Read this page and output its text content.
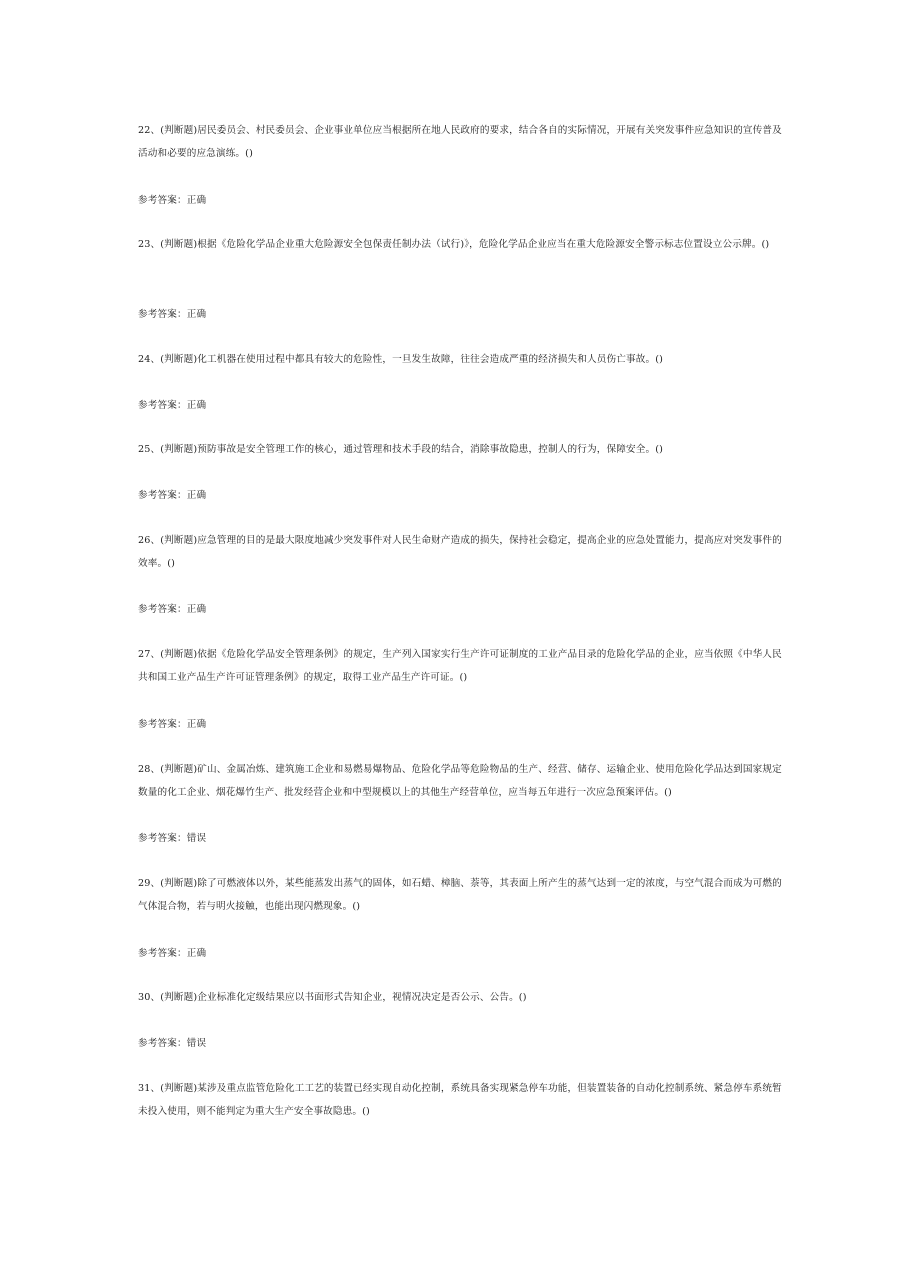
22、(判断题)居民委员会、村民委员会、企业事业单位应当根据所在地人民政府的要求，结合各自的实际情况，开展有关突发事件应急知识的宣传普及活动和必要的应急演练。()
参考答案：正确
23、(判断题)根据《危险化学品企业重大危险源安全包保责任制办法（试行)》，危险化学品企业应当在重大危险源安全警示标志位置设立公示牌。()
参考答案：正确
24、(判断题)化工机器在使用过程中都具有较大的危险性，一旦发生故障，往往会造成严重的经济损失和人员伤亡事故。()
参考答案：正确
25、(判断题)预防事故是安全管理工作的核心，通过管理和技术手段的结合，消除事故隐患，控制人的行为，保障安全。()
参考答案：正确
26、(判断题)应急管理的目的是最大限度地减少突发事件对人民生命财产造成的损失，保持社会稳定，提高企业的应急处置能力，提高应对突发事件的效率。()
参考答案：正确
27、(判断题)依据《危险化学品安全管理条例》的规定，生产列入国家实行生产许可证制度的工业产品目录的危险化学品的企业，应当依照《中华人民共和国工业产品生产许可证管理条例》的规定，取得工业产品生产许可证。()
参考答案：正确
28、(判断题)矿山、金属冶炼、建筑施工企业和易燃易爆物品、危险化学品等危险物品的生产、经营、储存、运输企业、使用危险化学品达到国家规定数量的化工企业、烟花爆竹生产、批发经营企业和中型规模以上的其他生产经营单位，应当每五年进行一次应急预案评估。()
参考答案：错误
29、(判断题)除了可燃液体以外，某些能蒸发出蒸气的固体，如石蜡、樟脑、萘等，其表面上所产生的蒸气达到一定的浓度，与空气混合而成为可燃的气体混合物，若与明火接触，也能出现闪燃现象。()
参考答案：正确
30、(判断题)企业标准化定级结果应以书面形式告知企业，视情况决定是否公示、公告。()
参考答案：错误
31、(判断题)某涉及重点监管危险化工工艺的装置已经实现自动化控制，系统具备实现紧急停车功能，但装置装备的自动化控制系统、紧急停车系统暂未投入使用，则不能判定为重大生产安全事故隐患。()
